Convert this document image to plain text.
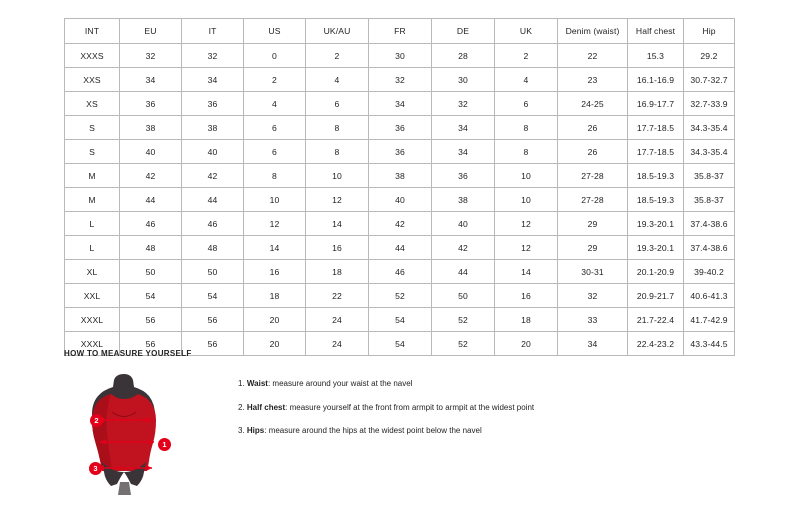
INT	EU	IT	US	UK/AU	FR	DE	UK	Denim (waist)	Half chest	Hip
XXXS	32	32	0	2	30	28	2	22	15.3	29.2
XXS	34	34	2	4	32	30	4	23	16.1-16.9	30.7-32.7
XS	36	36	4	6	34	32	6	24-25	16.9-17.7	32.7-33.9
S	38	38	6	8	36	34	8	26	17.7-18.5	34.3-35.4
S	40	40	6	8	36	34	8	26	17.7-18.5	34.3-35.4
M	42	42	8	10	38	36	10	27-28	18.5-19.3	35.8-37
M	44	44	10	12	40	38	10	27-28	18.5-19.3	35.8-37
L	46	46	12	14	42	40	12	29	19.3-20.1	37.4-38.6
L	48	48	14	16	44	42	12	29	19.3-20.1	37.4-38.6
XL	50	50	16	18	46	44	14	30-31	20.1-20.9	39-40.2
XXL	54	54	18	22	52	50	16	32	20.9-21.7	40.6-41.3
XXXL	56	56	20	24	54	52	18	33	21.7-22.4	41.7-42.9
XXXL	56	56	20	24	54	52	20	34	22.4-23.2	43.3-44.5
HOW TO MEASURE YOURSELF
1
2
3

1. Waist: measure around your waist at the navel

2. Half chest: measure yourself at the front from armpit to armpit at the widest point

3. Hips: measure around the hips at the widest point below the navel
